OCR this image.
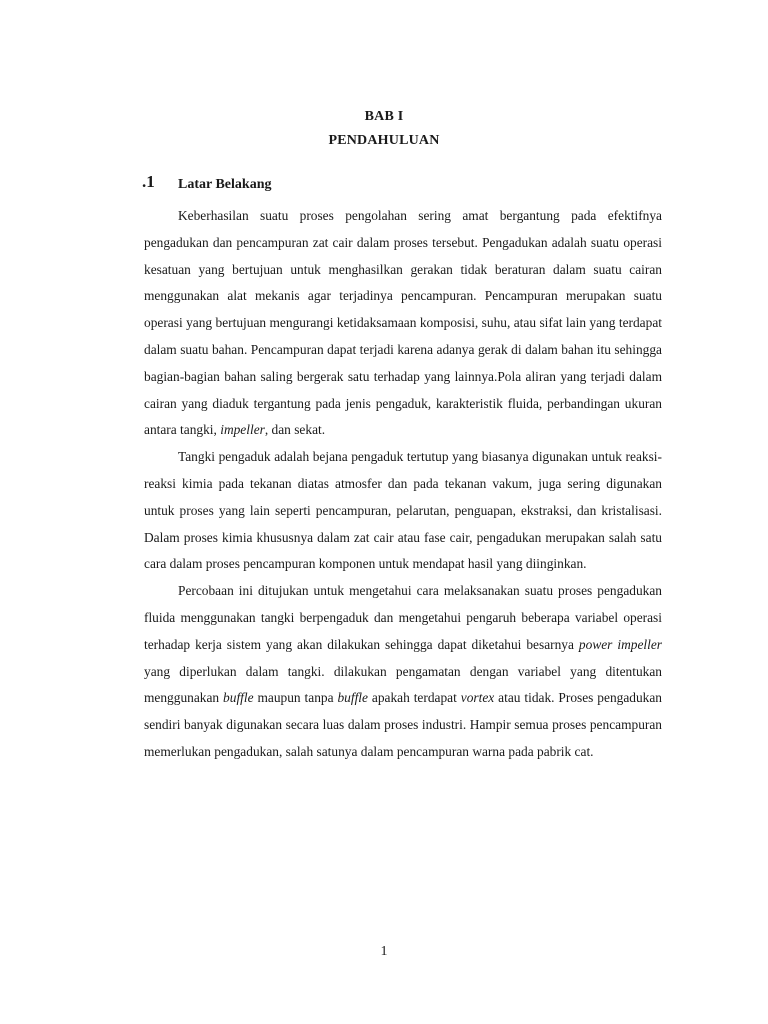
BAB I
PENDAHULUAN
.1 Latar Belakang

Keberhasilan suatu proses pengolahan sering amat bergantung pada efektifnya pengadukan dan pencampuran zat cair dalam proses tersebut. Pengadukan adalah suatu operasi kesatuan yang bertujuan untuk menghasilkan gerakan tidak beraturan dalam suatu cairan menggunakan alat mekanis agar terjadinya pencampuran. Pencampuran merupakan suatu operasi yang bertujuan mengurangi ketidaksamaan komposisi, suhu, atau sifat lain yang terdapat dalam suatu bahan. Pencampuran dapat terjadi karena adanya gerak di dalam bahan itu sehingga bagian-bagian bahan saling bergerak satu terhadap yang lainnya.Pola aliran yang terjadi dalam cairan yang diaduk tergantung pada jenis pengaduk, karakteristik fluida, perbandingan ukuran antara tangki, impeller, dan sekat.

Tangki pengaduk adalah bejana pengaduk tertutup yang biasanya digunakan untuk reaksi-reaksi kimia pada tekanan diatas atmosfer dan pada tekanan vakum, juga sering digunakan untuk proses yang lain seperti pencampuran, pelarutan, penguapan, ekstraksi, dan kristalisasi. Dalam proses kimia khususnya dalam zat cair atau fase cair, pengadukan merupakan salah satu cara dalam proses pencampuran komponen untuk mendapat hasil yang diinginkan.

Percobaan ini ditujukan untuk mengetahui cara melaksanakan suatu proses pengadukan fluida menggunakan tangki berpengaduk dan mengetahui pengaruh beberapa variabel operasi terhadap kerja sistem yang akan dilakukan sehingga dapat diketahui besarnya power impeller yang diperlukan dalam tangki. dilakukan pengamatan dengan variabel yang ditentukan menggunakan buffle maupun tanpa buffle apakah terdapat vortex atau tidak. Proses pengadukan sendiri banyak digunakan secara luas dalam proses industri. Hampir semua proses pencampuran memerlukan pengadukan, salah satunya dalam pencampuran warna pada pabrik cat.

1
